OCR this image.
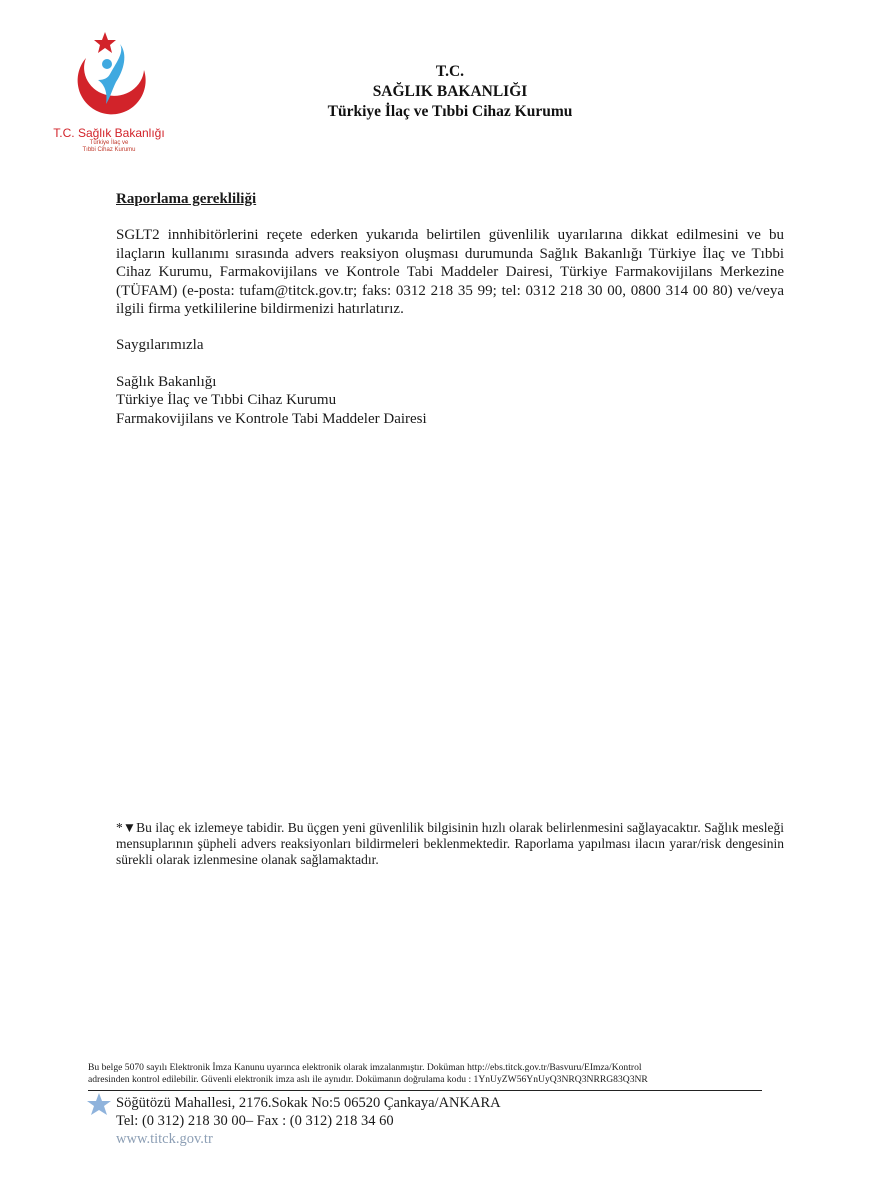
T.C. Sağlık Bakanlığı
Türkiye İlaç ve
Tıbbi Cihaz Kurumu
T.C.
SAĞLIK BAKANLIĞI
Türkiye İlaç ve Tıbbi Cihaz Kurumu

Raporlama gerekliliği

SGLT2 innhibitörlerini reçete ederken yukarıda belirtilen güvenlilik uyarılarına dikkat edilmesini ve bu ilaçların kullanımı sırasında advers reaksiyon oluşması durumunda Sağlık Bakanlığı Türkiye İlaç ve Tıbbi Cihaz Kurumu, Farmakovijilans ve Kontrole Tabi Maddeler Dairesi, Türkiye Farmakovijilans Merkezine (TÜFAM) (e-posta: tufam@titck.gov.tr; faks: 0312 218 35 99; tel: 0312 218 30 00, 0800 314 00 80) ve/veya ilgili firma yetkililerine bildirmenizi hatırlatırız.

Saygılarımızla

Sağlık Bakanlığı

Türkiye İlaç ve Tıbbi Cihaz Kurumu

Farmakovijilans ve Kontrole Tabi Maddeler Dairesi

*▼Bu ilaç ek izlemeye tabidir. Bu üçgen yeni güvenlilik bilgisinin hızlı olarak belirlenmesini sağlayacaktır. Sağlık mesleği mensuplarının şüpheli advers reaksiyonları bildirmeleri beklenmektedir. Raporlama yapılması ilacın yarar/risk dengesinin sürekli olarak izlenmesine olanak sağlamaktadır.
Bu belge 5070 sayılı Elektronik İmza Kanunu uyarınca elektronik olarak imzalanmıştır. Doküman http://ebs.titck.gov.tr/Basvuru/EImza/Kontrol
adresinden kontrol edilebilir. Güvenli elektronik imza aslı ile aynıdır. Dokümanın doğrulama kodu : 1YnUyZW56YnUyQ3NRQ3NRRG83Q3NR
Söğütözü Mahallesi, 2176.Sokak No:5 06520 Çankaya/ANKARA
Tel: (0 312) 218 30 00– Fax : (0 312) 218 34 60
www.titck.gov.tr
